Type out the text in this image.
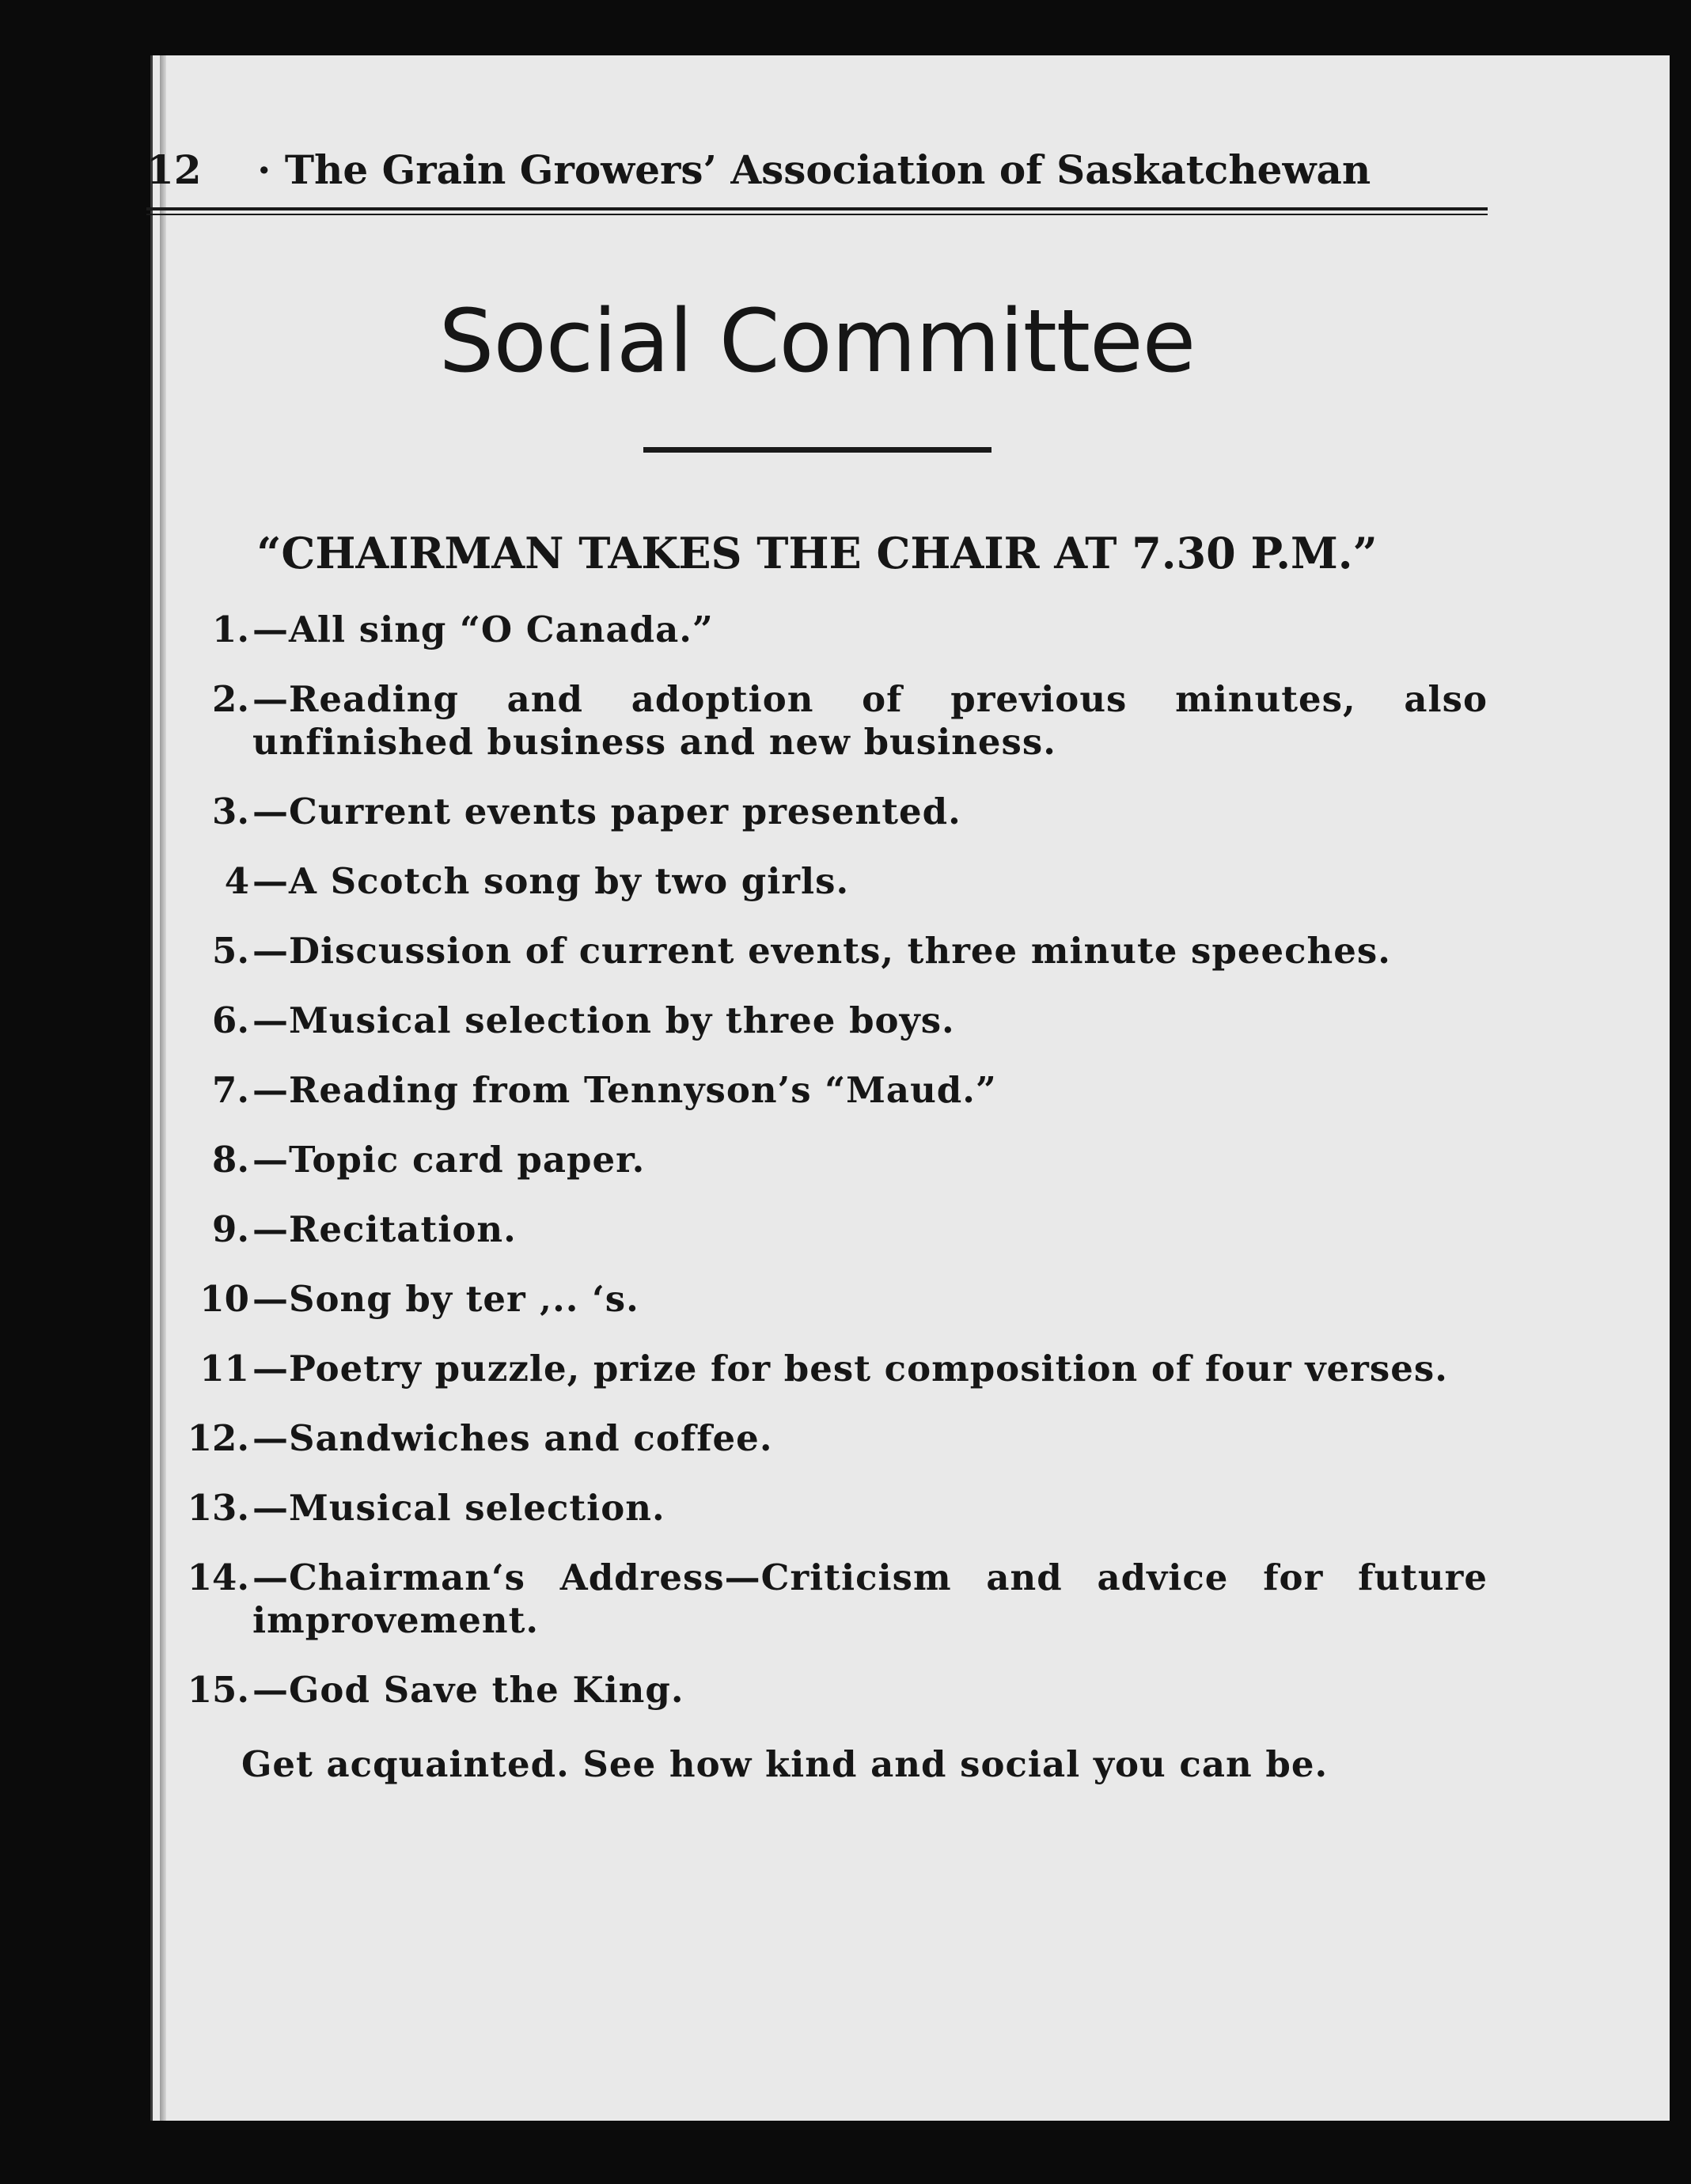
12	· The Grain Growers’ Association of Saskatchewan
Social Committee
“CHAIRMAN TAKES THE CHAIR AT 7.30 P.M.”
1. —All sing “O Canada.”
2. —Reading and adoption of previous minutes, also unfinished business and new business.
3. —Current events paper presented.
4 —A Scotch song by two girls.
5. —Discussion of current events, three minute speeches.
6. —Musical selection by three boys.
7. —Reading from Tennyson’s “Maud.”
8. —Topic card paper.
9. —Recitation.
10 —Song by ter ‚.. ‘s.
11 —Poetry puzzle, prize for best composition of four verses.
12. —Sandwiches and coffee.
13. —Musical selection.
14. —Chairman‘s Address—Criticism and advice for future improvement.
15. —God Save the King.
Get acquainted. See how kind and social you can be.
